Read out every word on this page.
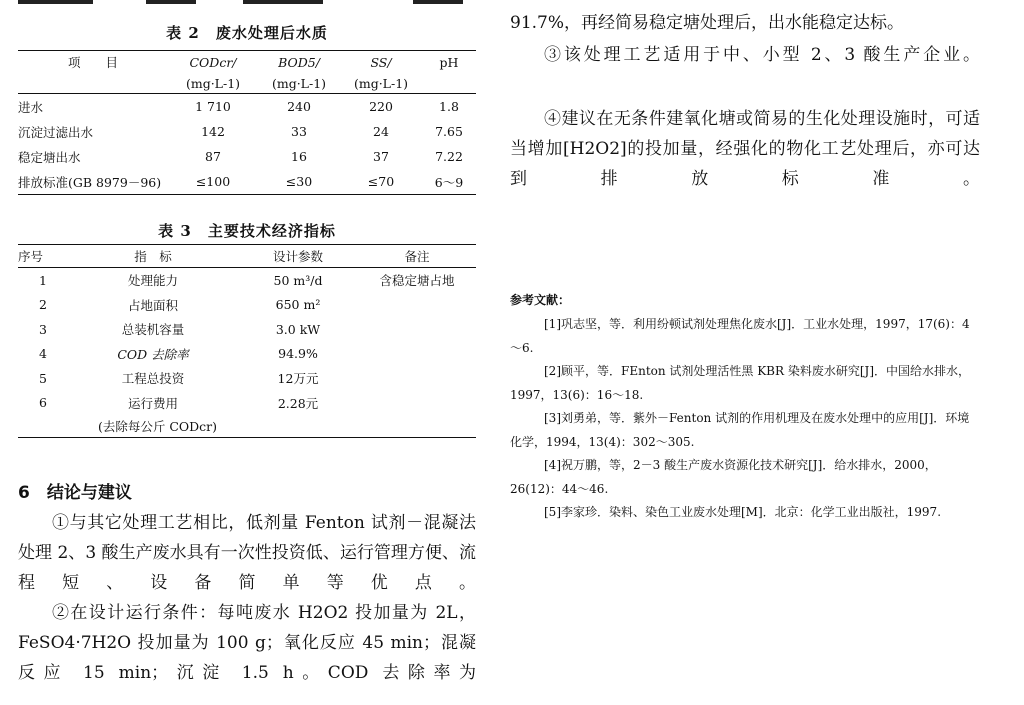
表 2　废水处理后水质
项　　目	CODcr/	BOD5/	SS/	pH
	(mg·L-1)	(mg·L-1)	(mg·L-1)	
进水	1 710	240	220	1.8
沉淀过滤出水	142	33	24	7.65
稳定塘出水	87	16	37	7.22
排放标准(GB 8979－96)	≤100	≤30	≤70	6～9
表 3　主要技术经济指标
序号	指　标	设计参数	备注
1	处理能力	50 m³/d	含稳定塘占地
2	占地面积	650 m²	
3	总装机容量	3.0 kW	
4	COD 去除率	94.9%	
5	工程总投资	12万元	
6	运行费用	2.28元	
(去除每公斤 CODcr)			
6　结论与建议
①与其它处理工艺相比，低剂量 Fenton 试剂－混凝法处理 2、3 酸生产废水具有一次性投资低、运行管理方便、流程短、设备简单等优点。
②在设计运行条件：每吨废水 H2O2 投加量为 2L，FeSO4·7H2O 投加量为 100 g；氧化反应 45 min；混凝反应 15 min；沉淀 1.5 h。COD 去除率为
91.7%，再经简易稳定塘处理后，出水能稳定达标。
③该处理工艺适用于中、小型 2、3 酸生产企业。
④建议在无条件建氧化塘或简易的生化处理设施时，可适当增加[H2O2]的投加量，经强化的物化工艺处理后，亦可达到排放标准。
参考文献：
[1]巩志坚，等．利用纷顿试剂处理焦化废水[J]．工业水处理，1997，17(6)：4～6.
[2]顾平，等．FEnton 试剂处理活性黑 KBR 染料废水研究[J]．中国给水排水，1997，13(6)：16～18.
[3]刘勇弟，等．紫外－Fenton 试剂的作用机理及在废水处理中的应用[J]．环境化学，1994，13(4)：302～305.
[4]祝万鹏，等，2－3 酸生产废水资源化技术研究[J]．给水排水，2000，26(12)：44～46.
[5]李家珍．染料、染色工业废水处理[M]．北京：化学工业出版社，1997.
